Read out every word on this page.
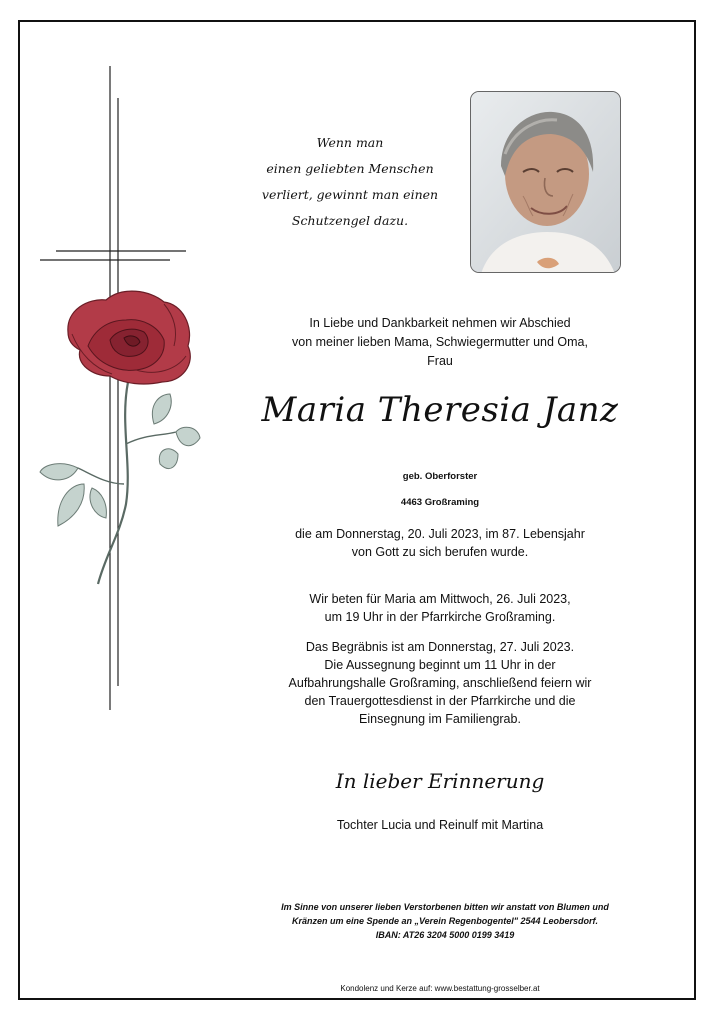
Wenn man
einen geliebten Menschen
verliert, gewinnt man einen
Schutzengel dazu.
In Liebe und Dankbarkeit nehmen wir Abschied
von meiner lieben Mama, Schwiegermutter und Oma,
Frau
Maria Theresia Janz
geb. Oberforster
4463 Großraming
die am Donnerstag, 20. Juli 2023, im 87. Lebensjahr
von Gott zu sich berufen wurde.
Wir beten für Maria am Mittwoch, 26. Juli 2023,
um 19 Uhr in der Pfarrkirche Großraming.
Das Begräbnis ist am Donnerstag, 27. Juli 2023.
Die Aussegnung beginnt um 11 Uhr in der
Aufbahrungshalle Großraming, anschließend feiern wir
den Trauergottesdienst in der Pfarrkirche und die
Einsegnung im Familiengrab.
In lieber Erinnerung
Tochter Lucia und Reinulf mit Martina
Im Sinne von unserer lieben Verstorbenen bitten wir anstatt von Blumen und
Kränzen um eine Spende an „Verein Regenbogentel" 2544 Leobersdorf.
IBAN: AT26 3204 5000 0199 3419
Kondolenz und Kerze auf: www.bestattung-grosselber.at
